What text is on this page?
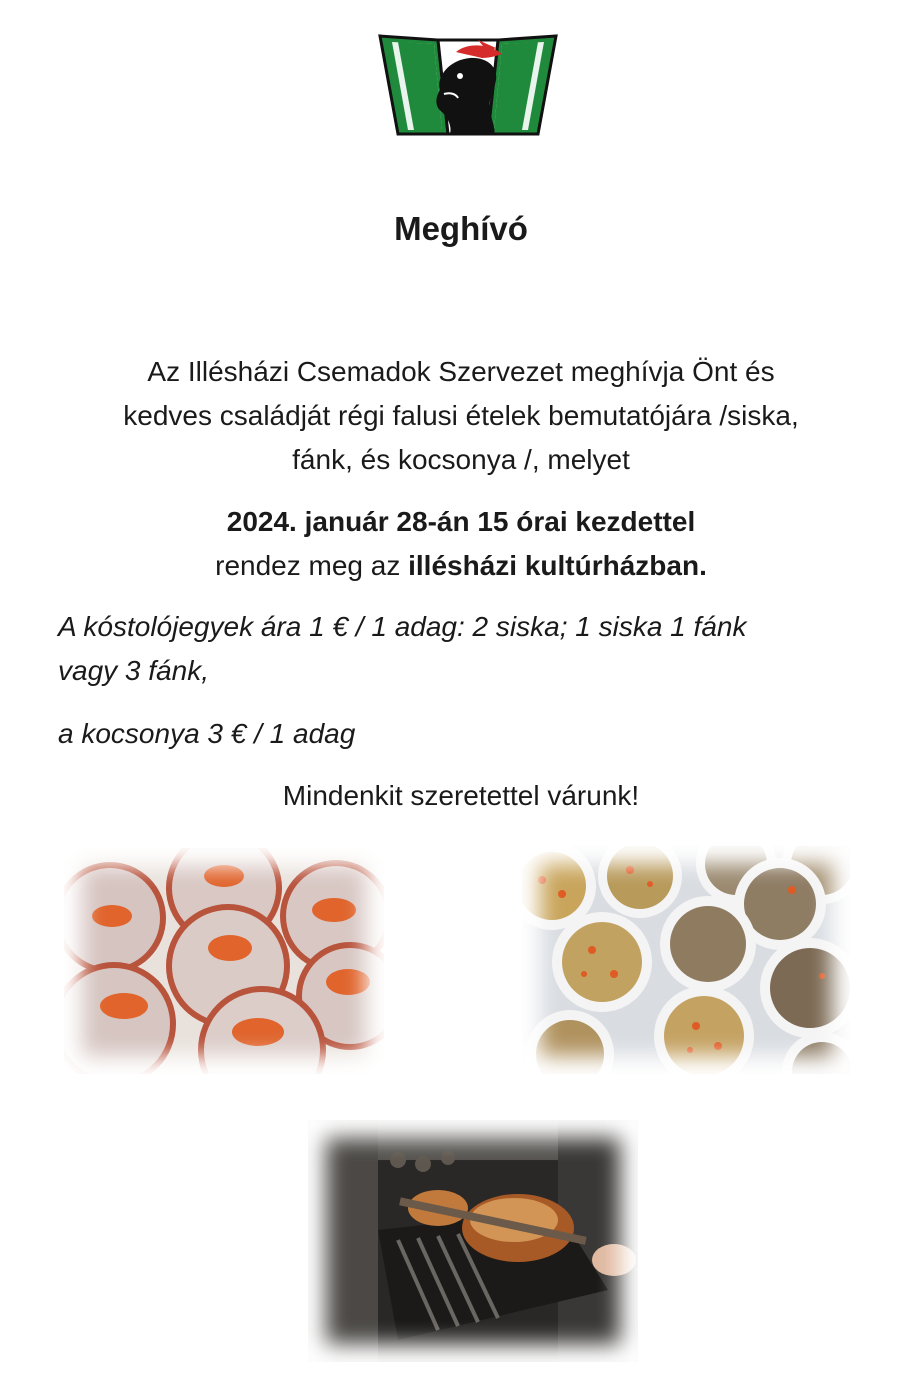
Meghívó
Az Illésházi Csemadok Szervezet meghívja Önt és
kedves családját régi falusi ételek bemutatójára /siska,
fánk, és kocsonya /, melyet
2024. január 28-án 15 órai kezdettel
rendez meg az illésházi kultúrházban.
A kóstolójegyek ára 1 € / 1 adag: 2 siska; 1 siska 1 fánk
vagy 3 fánk,
a kocsonya 3 € / 1 adag
Mindenkit szeretettel várunk!
